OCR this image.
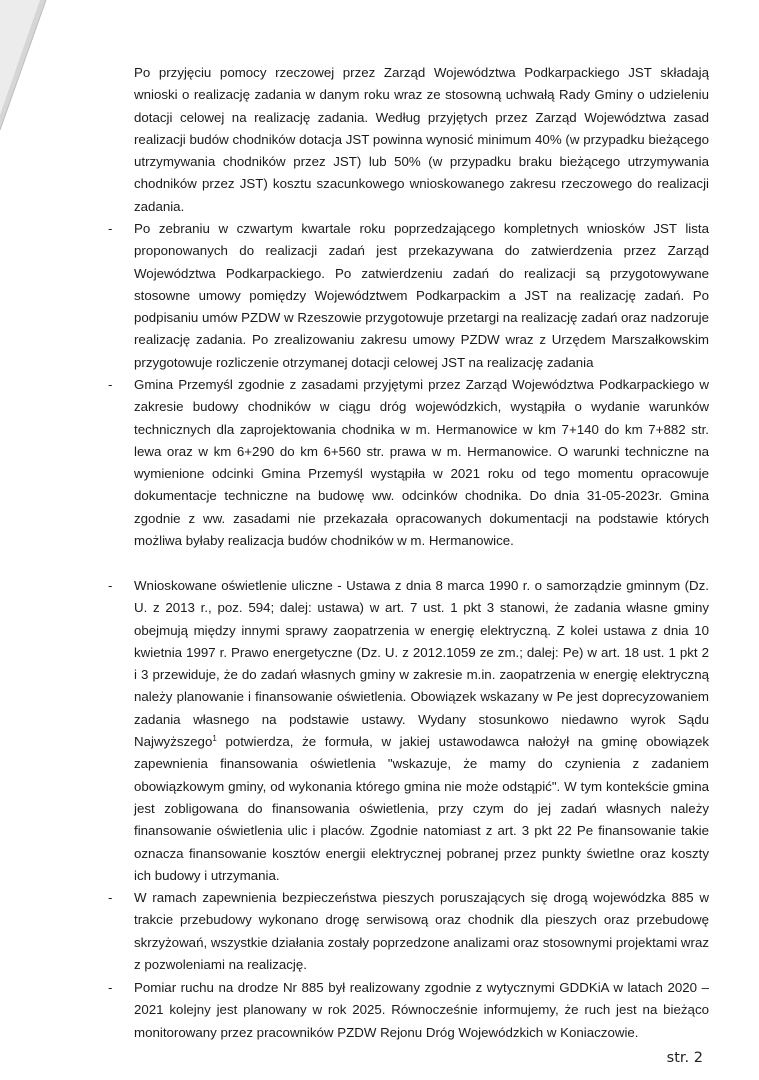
Po przyjęciu pomocy rzeczowej przez Zarząd Województwa Podkarpackiego JST składają wnioski o realizację zadania w danym roku wraz ze stosowną uchwałą Rady Gminy o udzieleniu dotacji celowej na realizację zadania. Według przyjętych przez Zarząd Województwa zasad realizacji budów chodników dotacja JST powinna wynosić minimum 40% (w przypadku bieżącego utrzymywania chodników przez JST) lub 50% (w przypadku braku bieżącego utrzymywania chodników przez JST) kosztu szacunkowego wnioskowanego zakresu rzeczowego do realizacji zadania.

- Po zebraniu w czwartym kwartale roku poprzedzającego kompletnych wniosków JST lista proponowanych do realizacji zadań jest przekazywana do zatwierdzenia przez Zarząd Województwa Podkarpackiego. Po zatwierdzeniu zadań do realizacji są przygotowywane stosowne umowy pomiędzy Województwem Podkarpackim a JST na realizację zadań. Po podpisaniu umów PZDW w Rzeszowie przygotowuje przetargi na realizację zadań oraz nadzoruje realizację zadania. Po zrealizowaniu zakresu umowy PZDW wraz z Urzędem Marszałkowskim przygotowuje rozliczenie otrzymanej dotacji celowej JST na realizację zadania

- Gmina Przemyśl zgodnie z zasadami przyjętymi przez Zarząd Województwa Podkarpackiego w zakresie budowy chodników w ciągu dróg wojewódzkich, wystąpiła o wydanie warunków technicznych dla zaprojektowania chodnika w m. Hermanowice w km 7+140 do km 7+882 str. lewa oraz w km 6+290 do km 6+560 str. prawa w m. Hermanowice. O warunki techniczne na wymienione odcinki Gmina Przemyśl wystąpiła w 2021 roku od tego momentu opracowuje dokumentacje techniczne na budowę ww. odcinków chodnika. Do dnia 31-05-2023r. Gmina zgodnie z ww. zasadami nie przekazała opracowanych dokumentacji na podstawie których możliwa byłaby realizacja budów chodników w m. Hermanowice.

- Wnioskowane oświetlenie uliczne - Ustawa z dnia 8 marca 1990 r. o samorządzie gminnym (Dz. U. z 2013 r., poz. 594; dalej: ustawa) w art. 7 ust. 1 pkt 3 stanowi, że zadania własne gminy obejmują między innymi sprawy zaopatrzenia w energię elektryczną. Z kolei ustawa z dnia 10 kwietnia 1997 r. Prawo energetyczne (Dz. U. z 2012.1059 ze zm.; dalej: Pe) w art. 18 ust. 1 pkt 2 i 3 przewiduje, że do zadań własnych gminy w zakresie m.in. zaopatrzenia w energię elektryczną należy planowanie i finansowanie oświetlenia. Obowiązek wskazany w Pe jest doprecyzowaniem zadania własnego na podstawie ustawy. Wydany stosunkowo niedawno wyrok Sądu Najwyższego$^1$ potwierdza, że formuła, w jakiej ustawodawca nałożył na gminę obowiązek zapewnienia finansowania oświetlenia "wskazuje, że mamy do czynienia z zadaniem obowiązkowym gminy, od wykonania którego gmina nie może odstąpić". W tym kontekście gmina jest zobligowana do finansowania oświetlenia, przy czym do jej zadań własnych należy finansowanie oświetlenia ulic i placów. Zgodnie natomiast z art. 3 pkt 22 Pe finansowanie takie oznacza finansowanie kosztów energii elektrycznej pobranej przez punkty świetlne oraz koszty ich budowy i utrzymania.

- W ramach zapewnienia bezpieczeństwa pieszych poruszających się drogą wojewódzka 885 w trakcie przebudowy wykonano drogę serwisową oraz chodnik dla pieszych oraz przebudowę skrzyżowań, wszystkie działania zostały poprzedzone analizami oraz stosownymi projektami wraz z pozwoleniami na realizację.

- Pomiar ruchu na drodze Nr 885 był realizowany zgodnie z wytycznymi GDDKiA w latach 2020 – 2021 kolejny jest planowany w rok 2025. Równocześnie informujemy, że ruch jest na bieżąco monitorowany przez pracowników PZDW Rejonu Dróg Wojewódzkich w Koniaczowie.

str. 2
